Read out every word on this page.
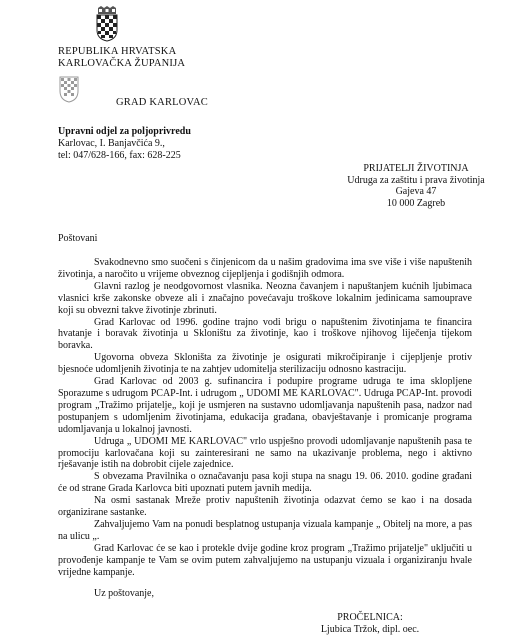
REPUBLIKA HRVATSKA
KARLOVAČKA ŽUPANIJA
GRAD KARLOVAC
Upravni odjel za poljoprivredu
Karlovac, I. Banjavčića 9.,
tel: 047/628-166, fax: 628-225
PRIJATELJI ŽIVOTINJA
Udruga za zaštitu i prava životinja
Gajeva 47
10 000 Zagreb
Poštovani

Svakodnevno smo suočeni s činjenicom da u našim gradovima ima sve više i više napuštenih životinja, a naročito u vrijeme obveznog cijepljenja i godišnjih odmora.

Glavni razlog je neodgovornost vlasnika. Neozna čavanjem i napuštanjem kućnih ljubimaca vlasnici krše zakonske obveze ali i značajno povećavaju troškove lokalnim jedinicama samouprave koji su obvezni takve životinje zbrinuti.

Grad Karlovac od 1996. godine trajno vodi brigu o napuštenim životinjama te financira hvatanje i boravak životinja u Skloništu za životinje, kao i troškove njihovog liječenja tijekom boravka.

Ugovorna obveza Skloništa za životinje je osigurati mikročipiranje i cijepljenje protiv bjesnoće udomljenih životinja te na zahtjev udomitelja sterilizaciju odnosno kastraciju.

Grad Karlovac od 2003 g. sufinancira i podupire programe udruga te ima sklopljene Sporazume s udrugom PCAP-Int. i udrugom „ UDOMI ME KARLOVAC". Udruga PCAP-Int. provodi program „Tražimo prijatelje„ koji je usmjeren na sustavno udomljavanja napuštenih pasa, nadzor nad postupanjem s udomljenim životinjama, edukacija građana, obavještavanje i promicanje programa udomljavanja u lokalnoj javnosti.

Udruga „ UDOMI ME KARLOVAC" vrlo uspješno provodi udomljavanje napuštenih pasa te promociju karlovačana koji su zainteresirani ne samo na ukazivanje problema, nego i aktivno rješavanje istih na dobrobit cijele zajednice.

S obvezama Pravilnika o označavanju pasa koji stupa na snagu 19. 06. 2010. godine građani će od strane Grada Karlovca biti upoznati putem javnih medija.

Na osmi sastanak Mreže protiv napuštenih životinja odazvat ćemo se kao i na dosada organizirane sastanke.

Zahvaljujemo Vam na ponudi besplatnog ustupanja vizuala kampanje „ Obitelj na more, a pas na ulicu „.

Grad Karlovac će se kao i protekle dvije godine kroz program „Tražimo prijatelje" uključiti u provođenje kampanje te Vam se ovim putem zahvaljujemo na ustupanju vizuala i organiziranju hvale vrijedne kampanje.

Uz poštovanje,
PROČELNICA:
Ljubica Tržok, dipl. oec.
